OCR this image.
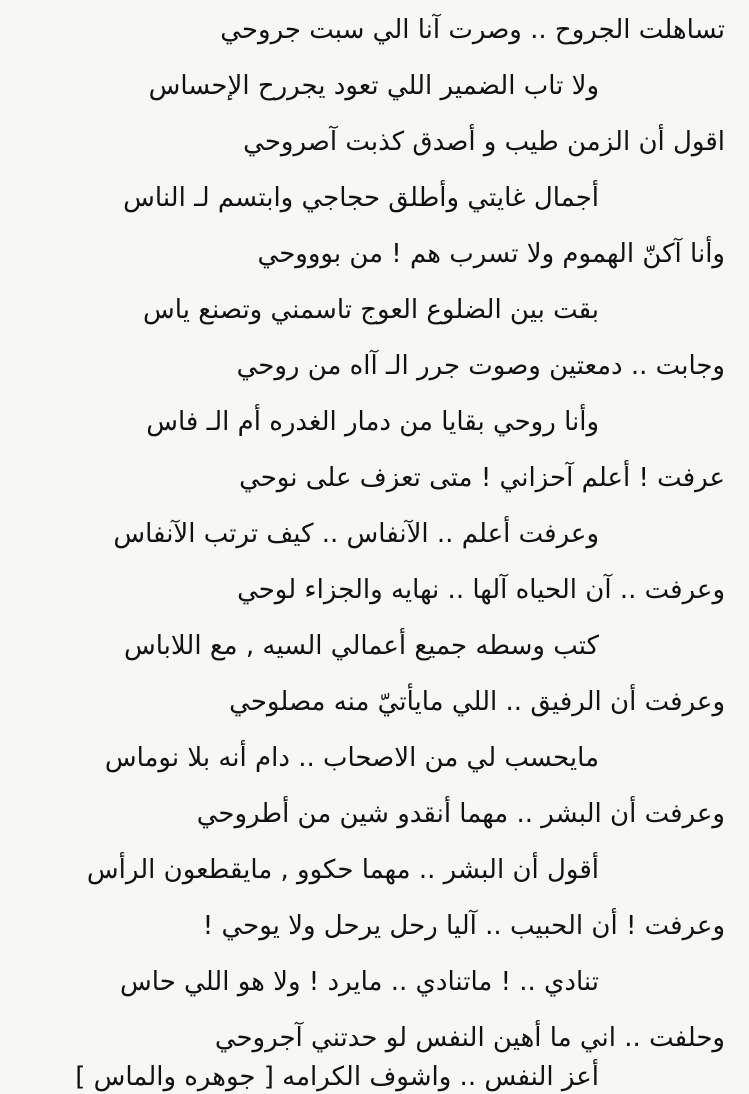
تساهلت الجروح .. وصرت آنا الي سبت جروحي
ولا تاب الضمير اللي تعود يجررح الإحساس
اقول أن الزمن طيب و أصدق كذبت آصروحي
أجمال غايتي وأطلق حجاجي وابتسم لـ الناس
وأنا آكنّ الهموم ولا تسرب هم ! من بوووحي
بقت بين الضلوع العوج تاسمني وتصنع ياس
وجابت .. دمعتين وصوت جرر الـ آاه من روحي
وأنا روحي بقايا من دمار الغدره أم الـ فاس
عرفت ! أعلم آحزاني ! متى تعزف على نوحي
وعرفت أعلم .. الآنفاس .. كيف ترتب الآنفاس
وعرفت .. آن الحياه آلها .. نهايه والجزاء لوحي
كتب وسطه جميع أعمالي السيه , مع اللاباس
وعرفت أن الرفيق .. اللي مايأتيّ منه مصلوحي
مايحسب لي من الاصحاب .. دام أنه بلا نوماس
وعرفت أن البشر .. مهما أنقدو شين من أطروحي
أقول أن البشر .. مهما حكوو , مايقطعون الرأس
وعرفت ! أن الحبيب .. آليا رحل يرحل ولا يوحي !
تنادي .. ! ماتنادي .. مايرد ! ولا هو اللي حاس
وحلفت .. اني ما أهين النفس لو حدتني آجروحي
أعز النفس .. واشوف الكرامه [ جوهره والماس ]
